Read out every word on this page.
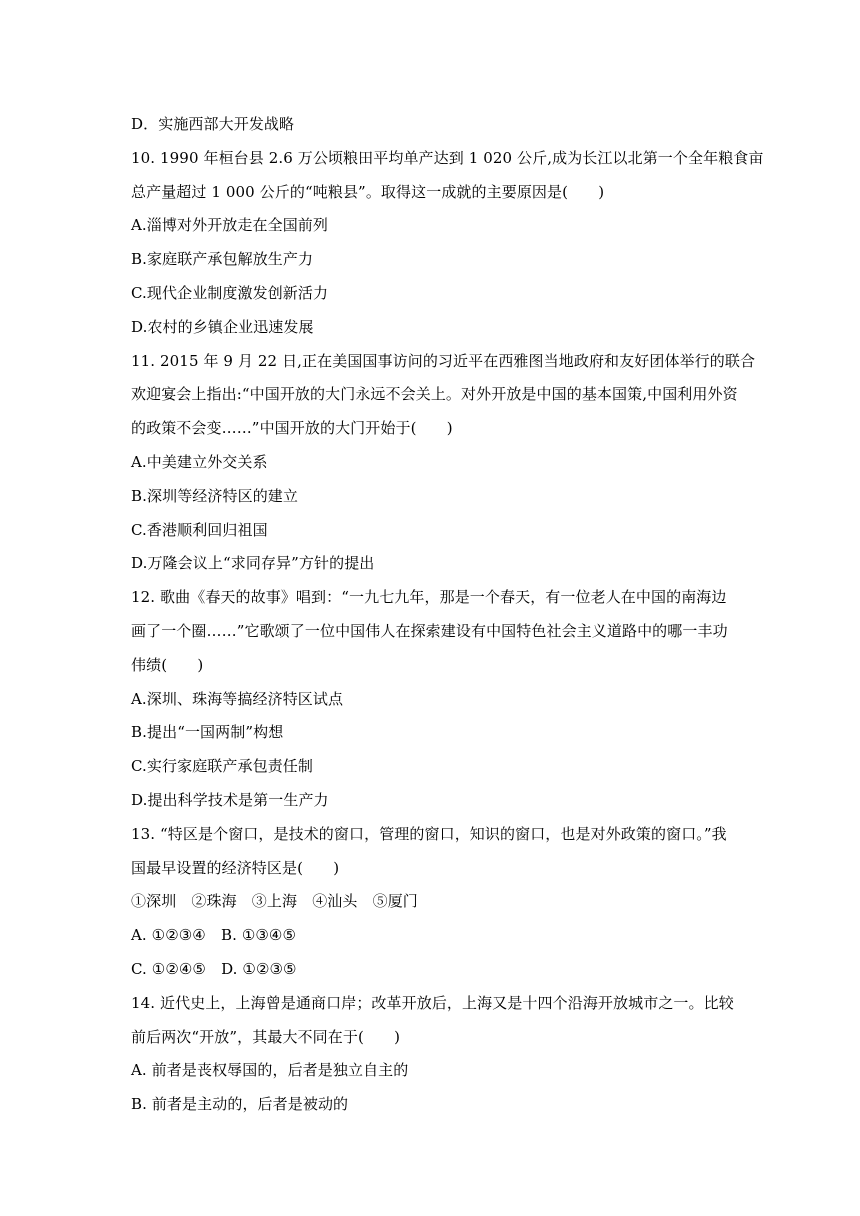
D．实施西部大开发战略
10. 1990 年桓台县 2.6 万公顷粮田平均单产达到 1 020 公斤,成为长江以北第一个全年粮食亩
总产量超过 1 000 公斤的“吨粮县”。取得这一成就的主要原因是(　　)
A.淄博对外开放走在全国前列
B.家庭联产承包解放生产力
C.现代企业制度激发创新活力
D.农村的乡镇企业迅速发展
11. 2015 年 9 月 22 日,正在美国国事访问的习近平在西雅图当地政府和友好团体举行的联合
欢迎宴会上指出:“中国开放的大门永远不会关上。对外开放是中国的基本国策,中国利用外资
的政策不会变……”中国开放的大门开始于(　　)
A.中美建立外交关系
B.深圳等经济特区的建立
C.香港顺利回归祖国
D.万隆会议上“求同存异”方针的提出
12. 歌曲《春天的故事》唱到：“一九七九年，那是一个春天，有一位老人在中国的南海边
画了一个圈……”它歌颂了一位中国伟人在探索建设有中国特色社会主义道路中的哪一丰功
伟绩(　　)
A.深圳、珠海等搞经济特区试点
B.提出“一国两制”构想
C.实行家庭联产承包责任制
D.提出科学技术是第一生产力
13. “特区是个窗口，是技术的窗口，管理的窗口，知识的窗口，也是对外政策的窗口。”我
国最早设置的经济特区是(　　)
①深圳　②珠海　③上海　④汕头　⑤厦门
A. ①②③④　B. ①③④⑤
C. ①②④⑤　D. ①②③⑤
14. 近代史上，上海曾是通商口岸；改革开放后，上海又是十四个沿海开放城市之一。比较
前后两次“开放”，其最大不同在于(　　)
A. 前者是丧权辱国的，后者是独立自主的
B. 前者是主动的，后者是被动的
